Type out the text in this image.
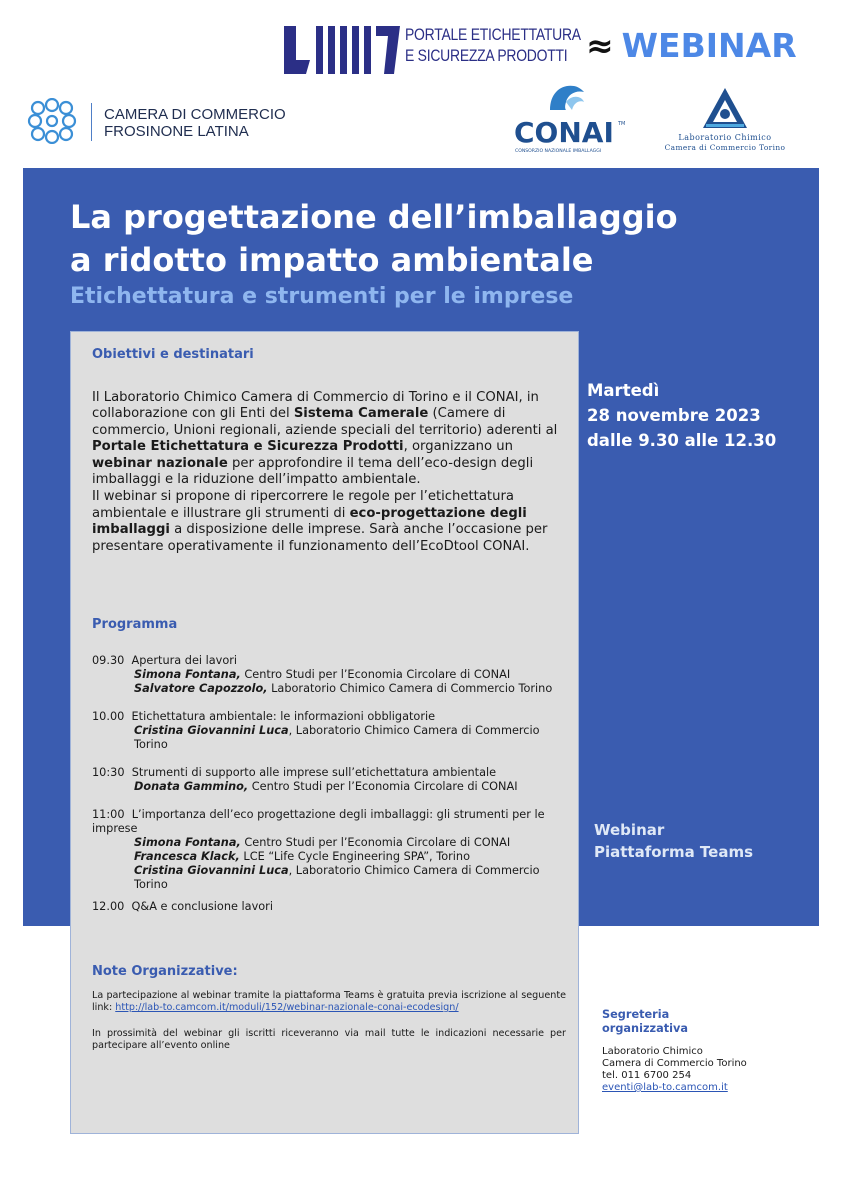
PORTALE ETICHETTATURA
E SICUREZZA PRODOTTI ≈ WEBINAR
CAMERA DI COMMERCIO
FROSINONE LATINA	CONAI TM
CONSORZIO NAZIONALE IMBALLAGGI
Laboratorio Chimico
Camera di Commercio Torino
La progettazione dell’imballaggio
a ridotto impatto ambientale
Etichettatura e strumenti per le imprese
Martedì
28 novembre 2023
dalle 9.30 alle 12.30
Webinar
Piattaforma Teams
Obiettivi e destinatari

Il Laboratorio Chimico Camera di Commercio di Torino e il CONAI, in collaborazione con gli Enti del Sistema Camerale (Camere di commercio, Unioni regionali, aziende speciali del territorio) aderenti al Portale Etichettatura e Sicurezza Prodotti, organizzano un webinar nazionale per approfondire il tema dell’eco-design degli imballaggi e la riduzione dell’impatto ambientale.

Il webinar si propone di ripercorrere le regole per l’etichettatura ambientale e illustrare gli strumenti di eco-progettazione degli imballaggi a disposizione delle imprese. Sarà anche l’occasione per presentare operativamente il funzionamento dell’EcoDtool CONAI.

Programma
09.30 Apertura dei lavori
Simona Fontana, Centro Studi per l’Economia Circolare di CONAI
Salvatore Capozzolo, Laboratorio Chimico Camera di Commercio Torino
10.00 Etichettatura ambientale: le informazioni obbligatorie
Cristina Giovannini Luca, Laboratorio Chimico Camera di Commercio Torino
10:30 Strumenti di supporto alle imprese sull’etichettatura ambientale
Donata Gammino, Centro Studi per l’Economia Circolare di CONAI
11:00 L’importanza dell’eco progettazione degli imballaggi: gli strumenti per le imprese
Simona Fontana, Centro Studi per l’Economia Circolare di CONAI
Francesca Klack, LCE “Life Cycle Engineering SPA”, Torino
Cristina Giovannini Luca, Laboratorio Chimico Camera di Commercio Torino
12.00 Q&A e conclusione lavori
Note Organizzative:
La partecipazione al webinar tramite la piattaforma Teams è gratuita previa iscrizione al seguente link: http://lab-to.camcom.it/moduli/152/webinar-nazionale-conai-ecodesign/
In prossimità del webinar gli iscritti riceveranno via mail tutte le indicazioni necessarie per partecipare all’evento online
Segreteria
organizzativa
Laboratorio Chimico
Camera di Commercio Torino
tel. 011 6700 254
eventi@lab-to.camcom.it
